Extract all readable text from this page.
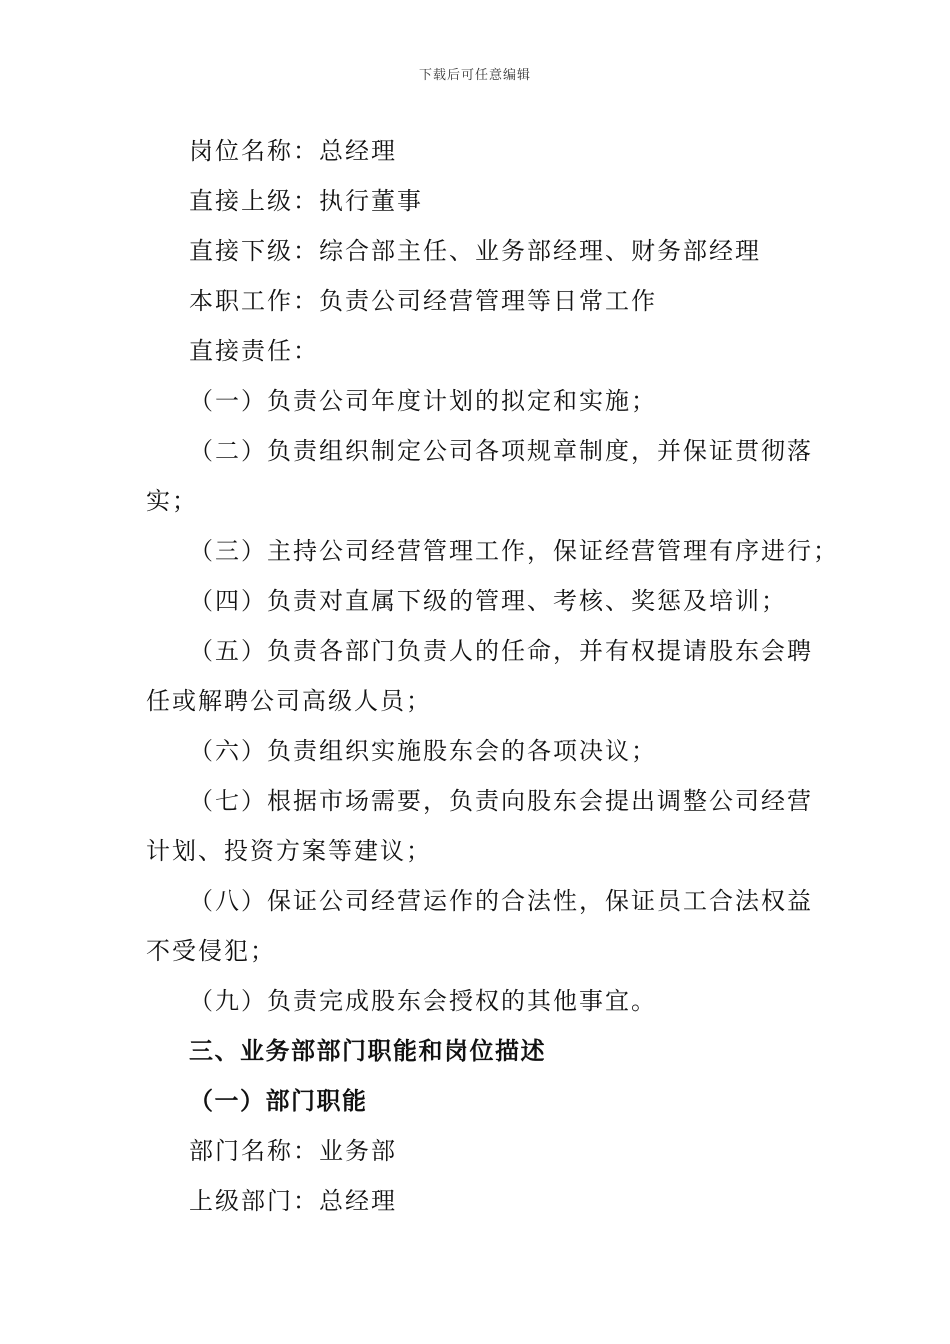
下载后可任意编辑
岗位名称：总经理
直接上级：执行董事
直接下级：综合部主任、业务部经理、财务部经理
本职工作：负责公司经营管理等日常工作
直接责任：
（一）负责公司年度计划的拟定和实施；
（二）负责组织制定公司各项规章制度，并保证贯彻落
实；
（三）主持公司经营管理工作，保证经营管理有序进行；
（四）负责对直属下级的管理、考核、奖惩及培训；
（五）负责各部门负责人的任命，并有权提请股东会聘
任或解聘公司高级人员；
（六）负责组织实施股东会的各项决议；
（七）根据市场需要，负责向股东会提出调整公司经营
计划、投资方案等建议；
（八）保证公司经营运作的合法性，保证员工合法权益
不受侵犯；
（九）负责完成股东会授权的其他事宜。
三、业务部部门职能和岗位描述
（一）部门职能
部门名称：业务部
上级部门：总经理
